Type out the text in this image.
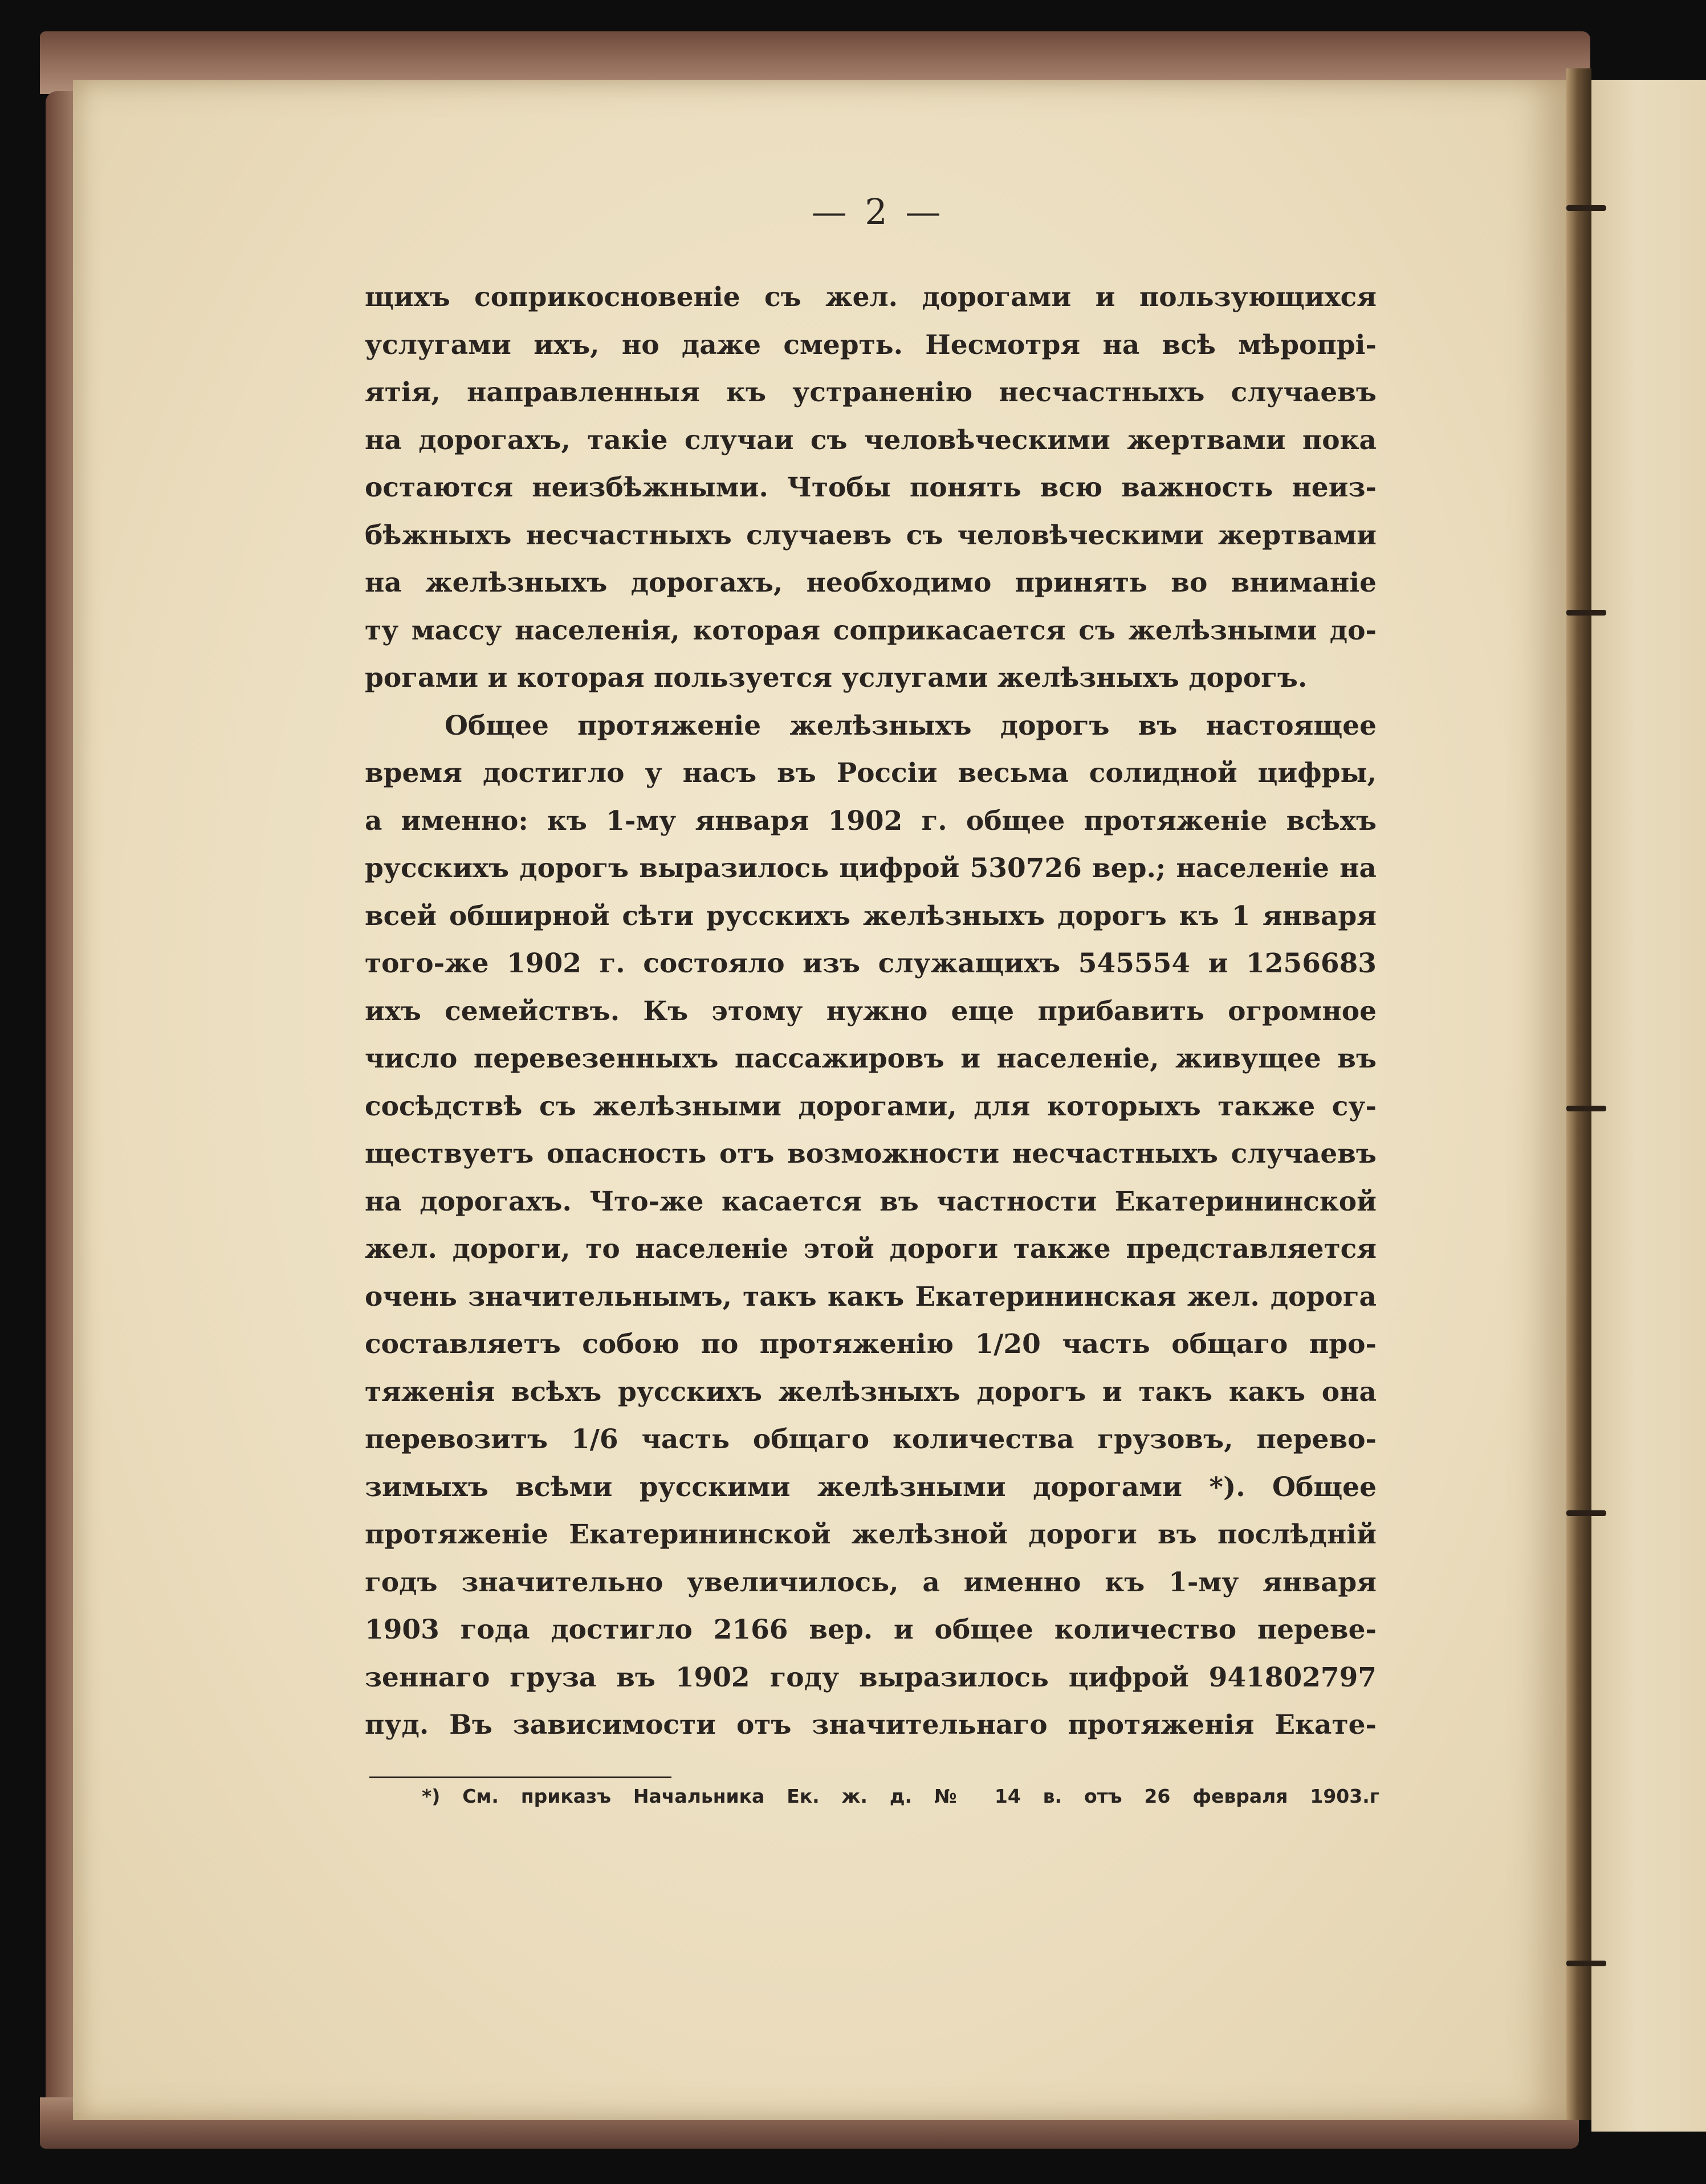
— 2 —
щихъ соприкосновеніе съ жел. дорогами и пользующихся
услугами ихъ, но даже смерть. Несмотря на всѣ мѣропрі-
ятія, направленныя къ устраненію несчастныхъ случаевъ
на дорогахъ, такіе случаи съ человѣческими жертвами пока
остаются неизбѣжными. Чтобы понять всю важность неиз-
бѣжныхъ несчастныхъ случаевъ съ человѣческими жертвами
на желѣзныхъ дорогахъ, необходимо принять во вниманіе
ту массу населенія, которая соприкасается съ желѣзными до-
рогами и которая пользуется услугами желѣзныхъ дорогъ.
Общее протяженіе желѣзныхъ дорогъ въ настоящее
время достигло у насъ въ Россіи весьма солидной цифры,
а именно: къ 1-му января 1902 г. общее протяженіе всѣхъ
русскихъ дорогъ выразилось цифрой 530726 вер.; населеніе на
всей обширной сѣти русскихъ желѣзныхъ дорогъ къ 1 января
того-же 1902 г. состояло изъ служащихъ 545554 и 1256683
ихъ семействъ. Къ этому нужно еще прибавить огромное
число перевезенныхъ пассажировъ и населеніе, живущее въ
сосѣдствѣ съ желѣзными дорогами, для которыхъ также су-
ществуетъ опасность отъ возможности несчастныхъ случаевъ
на дорогахъ. Что-же касается въ частности Екатерининской
жел. дороги, то населеніе этой дороги также представляется
очень значительнымъ, такъ какъ Екатерининская жел. дорога
составляетъ собою по протяженію 1/20 часть общаго про-
тяженія всѣхъ русскихъ желѣзныхъ дорогъ и такъ какъ она
перевозитъ 1/6 часть общаго количества грузовъ, перево-
зимыхъ всѣми русскими желѣзными дорогами *). Общее
протяженіе Екатерининской желѣзной дороги въ послѣдній
годъ значительно увеличилось, а именно къ 1-му января
1903 года достигло 2166 вер. и общее количество переве-
зеннаго груза въ 1902 году выразилось цифрой 941802797
пуд. Въ зависимости отъ значительнаго протяженія Екате-
*) См. приказъ Начальника Ек. ж. д. № 14 в. отъ 26 февраля 1903.г
